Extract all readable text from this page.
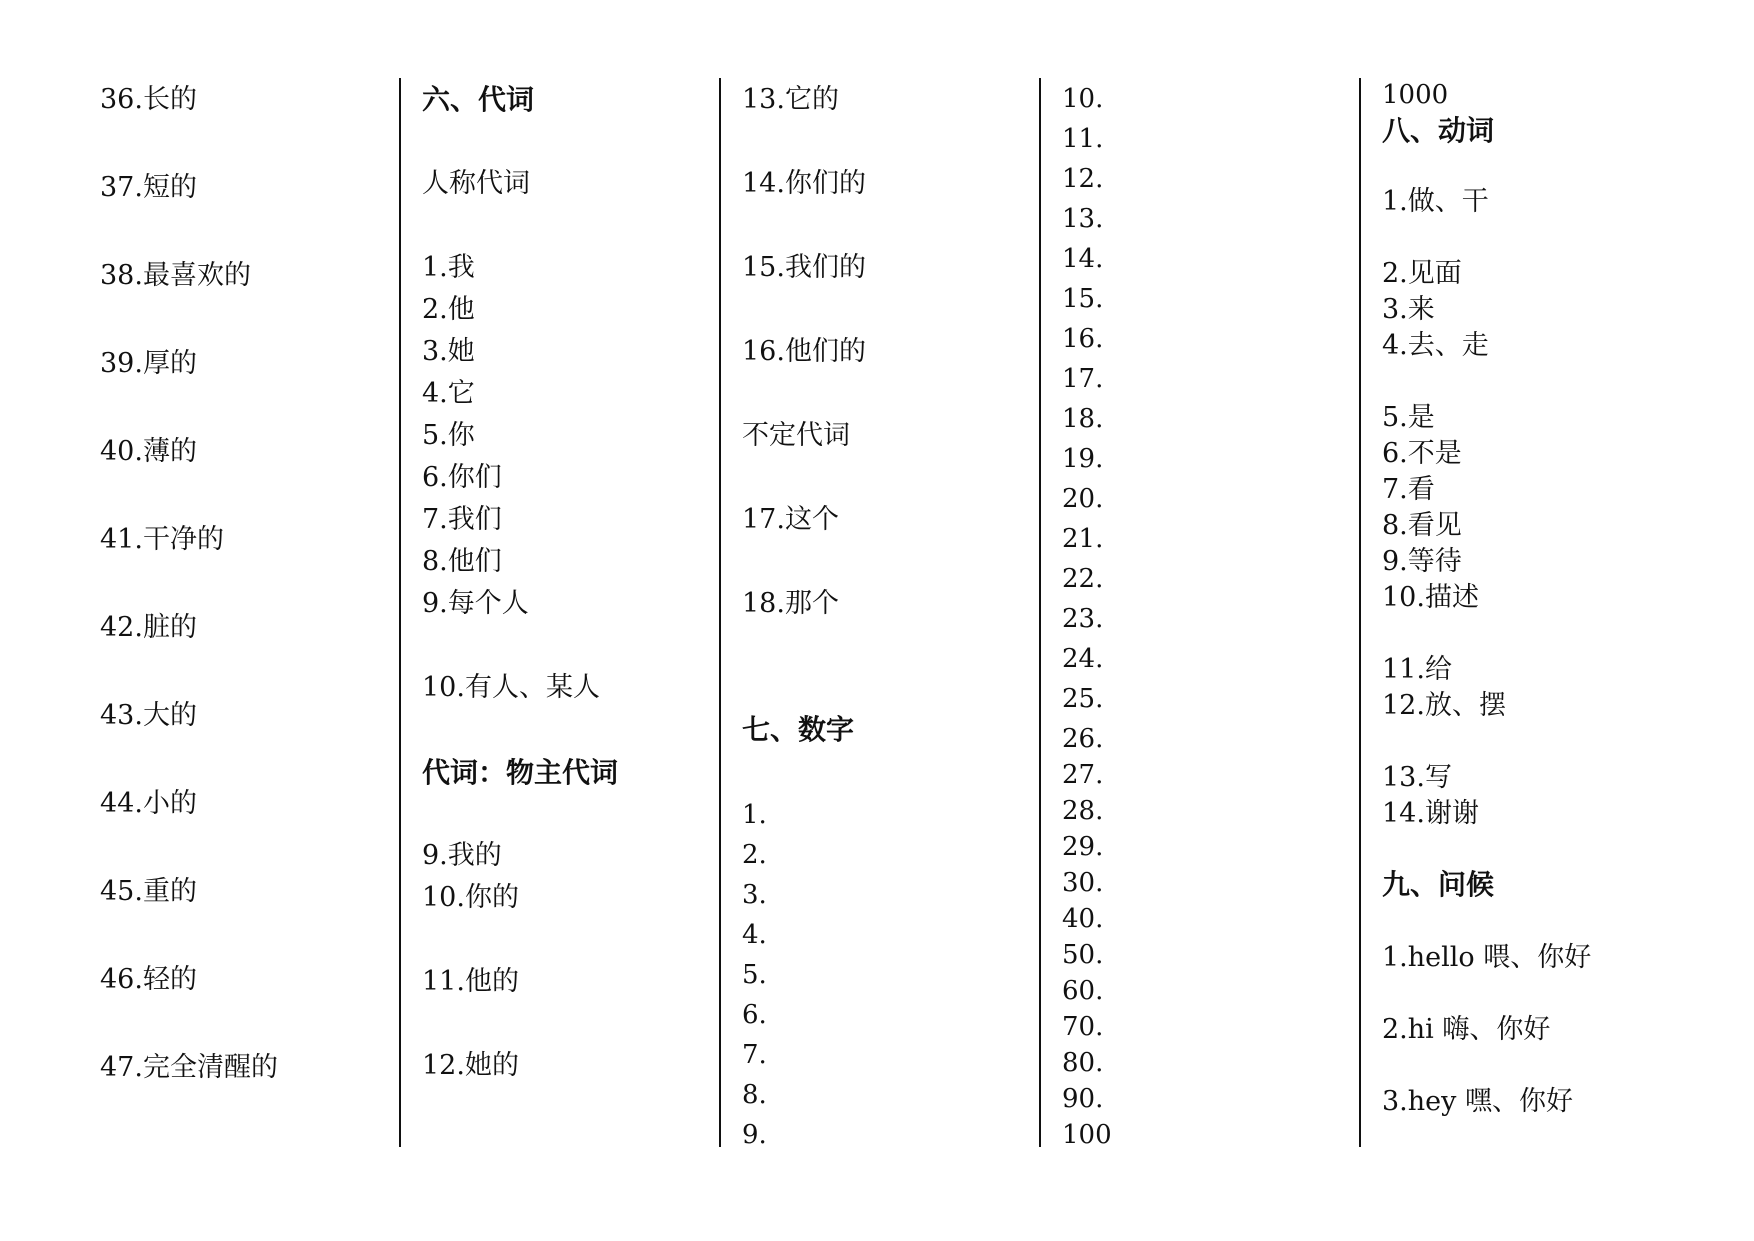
36.长的
37.短的
38.最喜欢的
39.厚的
40.薄的
41.干净的
42.脏的
43.大的
44.小的
45.重的
46.轻的
47.完全清醒的
六、代词
人称代词
1.我
2.他
3.她
4.它
5.你
6.你们
7.我们
8.他们
9.每个人
10.有人、某人
代词：物主代词
9.我的
10.你的
11.他的
12.她的
13.它的
14.你们的
15.我们的
16.他们的
不定代词
17.这个
18.那个
七、数字
1.
2.
3.
4.
5.
6.
7.
8.
9.
10.
11.
12.
13.
14.
15.
16.
17.
18.
19.
20.
21.
22.
23.
24.
25.
26.
27.
28.
29.
30.
40.
50.
60.
70.
80.
90.
100
1000
八、动词
1.做、干
2.见面
3.来
4.去、走
5.是
6.不是
7.看
8.看见
9.等待
10.描述
11.给
12.放、摆
13.写
14.谢谢
九、问候
1.hello 喂、你好
2.hi 嗨、你好
3.hey 嘿、你好
